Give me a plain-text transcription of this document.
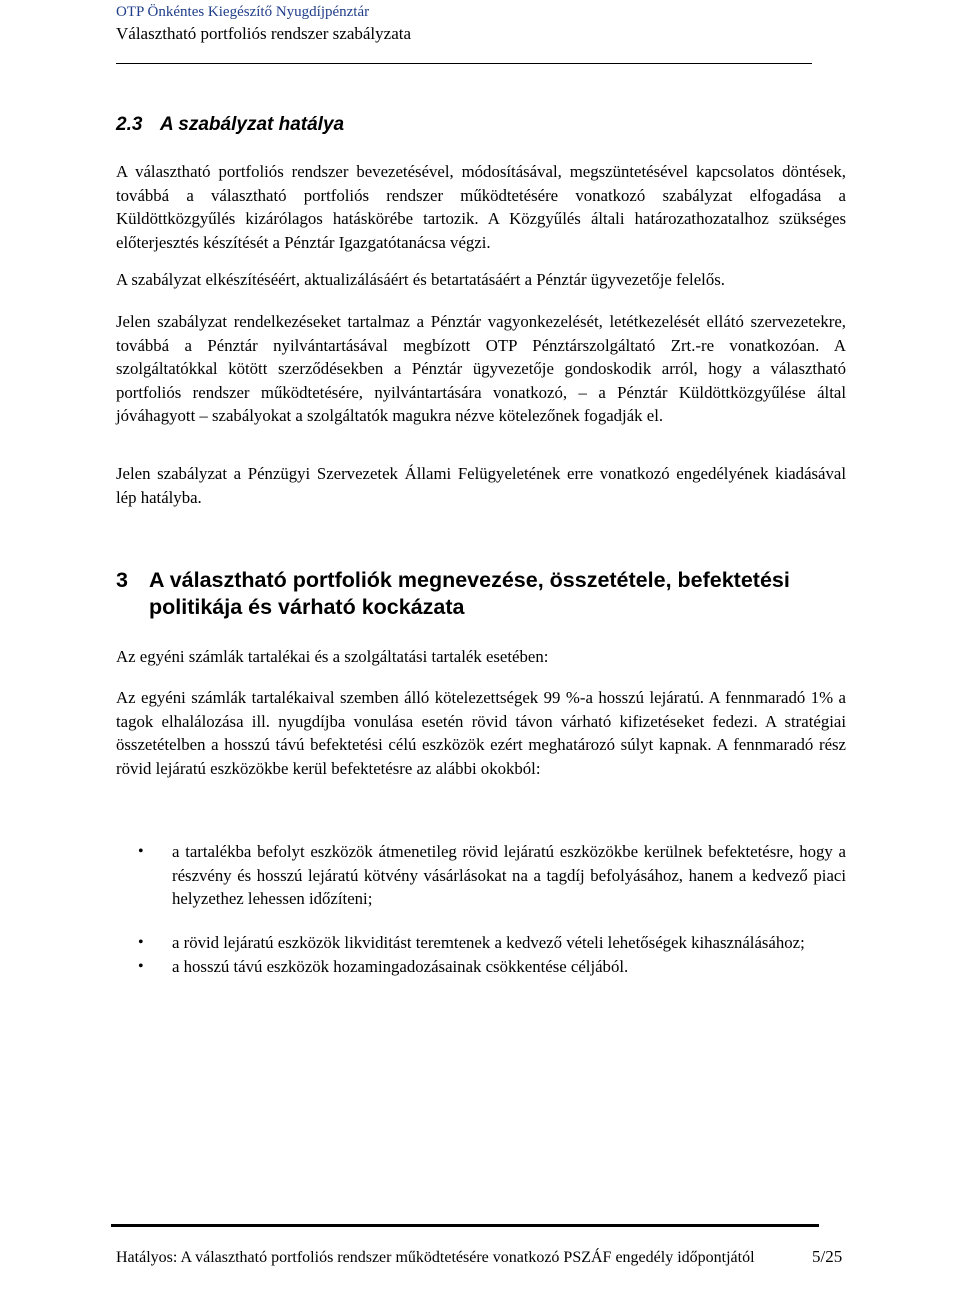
OTP Önkéntes Kiegészítő Nyugdíjpénztár
Választható portfoliós rendszer szabályzata
2.3 A szabályzat hatálya

A választható portfoliós rendszer bevezetésével, módosításával, megszüntetésével kapcsolatos döntések, továbbá a választható portfoliós rendszer működtetésére vonatkozó szabályzat elfogadása a Küldöttközgyűlés kizárólagos hatáskörébe tartozik. A Közgyűlés általi határozathozatalhoz szükséges előterjesztés készítését a Pénztár Igazgatótanácsa végzi.

A szabályzat elkészítéséért, aktualizálásáért és betartatásáért a Pénztár ügyvezetője felelős.

Jelen szabályzat rendelkezéseket tartalmaz a Pénztár vagyonkezelését, letétkezelését ellátó szervezetekre, továbbá a Pénztár nyilvántartásával megbízott OTP Pénztárszolgáltató Zrt.-re vonatkozóan. A szolgáltatókkal kötött szerződésekben a Pénztár ügyvezetője gondoskodik arról, hogy a választható portfoliós rendszer működtetésére, nyilvántartására vonatkozó, – a Pénztár Küldöttközgyűlése által jóváhagyott – szabályokat a szolgáltatók magukra nézve kötelezőnek fogadják el.

Jelen szabályzat a Pénzügyi Szervezetek Állami Felügyeletének erre vonatkozó engedélyének kiadásával lép hatályba.

3 A választható portfoliók megnevezése, összetétele, befektetési politikája és várható kockázata

Az egyéni számlák tartalékai és a szolgáltatási tartalék esetében:

Az egyéni számlák tartalékaival szemben álló kötelezettségek 99 %-a hosszú lejáratú. A fennmaradó 1% a tagok elhalálozása ill. nyugdíjba vonulása esetén rövid távon várható kifizetéseket fedezi. A stratégiai összetételben a hosszú távú befektetési célú eszközök ezért meghatározó súlyt kapnak. A fennmaradó rész rövid lejáratú eszközökbe kerül befektetésre az alábbi okokból:

• a tartalékba befolyt eszközök átmenetileg rövid lejáratú eszközökbe kerülnek befektetésre, hogy a részvény és hosszú lejáratú kötvény vásárlásokat na a tagdíj befolyásához, hanem a kedvező piaci helyzethez lehessen időzíteni;
• a rövid lejáratú eszközök likviditást teremtenek a kedvező vételi lehetőségek kihasználásához;
• a hosszú távú eszközök hozamingadozásainak csökkentése céljából.
Hatályos: A választható portfoliós rendszer működtetésére vonatkozó PSZÁF engedély időpontjától	5/25
